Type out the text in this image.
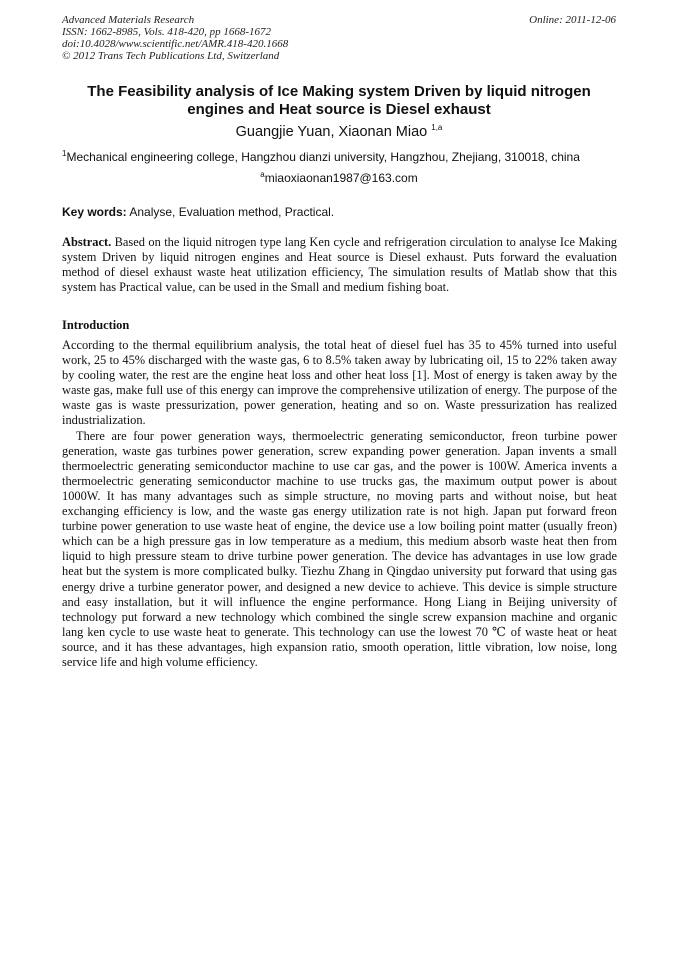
Advanced Materials Research
ISSN: 1662-8985, Vols. 418-420, pp 1668-1672
doi:10.4028/www.scientific.net/AMR.418-420.1668
© 2012 Trans Tech Publications Ltd, Switzerland
Online: 2011-12-06
The Feasibility analysis of Ice Making system Driven by liquid nitrogen engines and Heat source is Diesel exhaust
Guangjie Yuan, Xiaonan Miao $^{1,a}$
$^1$Mechanical engineering college, Hangzhou dianzi university, Hangzhou, Zhejiang, 310018, china
$^a$miaoxiaonan1987@163.com
Key words: Analyse, Evaluation method, Practical.
Abstract. Based on the liquid nitrogen type lang Ken cycle and refrigeration circulation to analyse Ice Making system Driven by liquid nitrogen engines and Heat source is Diesel exhaust. Puts forward the evaluation method of diesel exhaust waste heat utilization efficiency, The simulation results of Matlab show that this system has Practical value, can be used in the Small and medium fishing boat.
Introduction

According to the thermal equilibrium analysis, the total heat of diesel fuel has 35 to 45% turned into useful work, 25 to 45% discharged with the waste gas, 6 to 8.5% taken away by lubricating oil, 15 to 22% taken away by cooling water, the rest are the engine heat loss and other heat loss [1]. Most of energy is taken away by the waste gas, make full use of this energy can improve the comprehensive utilization of energy. The purpose of the waste gas is waste pressurization, power generation, heating and so on. Waste pressurization has realized industrialization.

There are four power generation ways, thermoelectric generating semiconductor, freon turbine power generation, waste gas turbines power generation, screw expanding power generation. Japan invents a small thermoelectric generating semiconductor machine to use car gas, and the power is 100W. America invents a thermoelectric generating semiconductor machine to use trucks gas, the maximum output power is about 1000W. It has many advantages such as simple structure, no moving parts and without noise, but heat exchanging efficiency is low, and the waste gas energy utilization rate is not high. Japan put forward freon turbine power generation to use waste heat of engine, the device use a low boiling point matter (usually freon) which can be a high pressure gas in low temperature as a medium, this medium absorb waste heat then from liquid to high pressure steam to drive turbine power generation. The device has advantages in use low grade heat but the system is more complicated bulky. Tiezhu Zhang in Qingdao university put forward that using gas energy drive a turbine generator power, and designed a new device to achieve. This device is simple structure and easy installation, but it will influence the engine performance. Hong Liang in Beijing university of technology put forward a new technology which combined the single screw expansion machine and organic lang ken cycle to use waste heat to generate. This technology can use the lowest 70 ℃ of waste heat or heat source, and it has these advantages, high expansion ratio, smooth operation, little vibration, low noise, long service life and high volume efficiency.
